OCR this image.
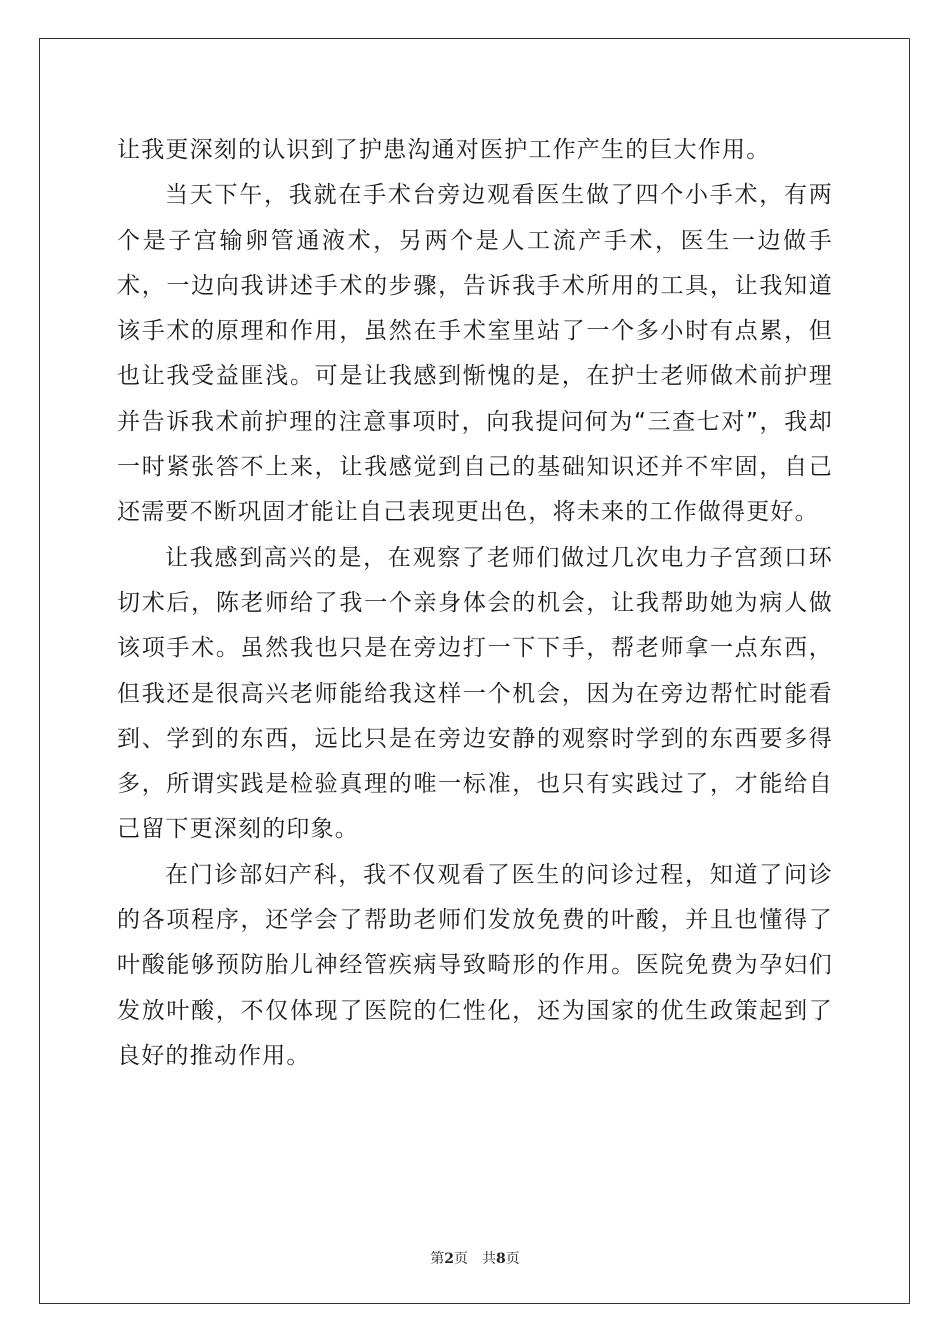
让我更深刻的认识到了护患沟通对医护工作产生的巨大作用。

当天下午，我就在手术台旁边观看医生做了四个小手术，有两个是子宫输卵管通液术，另两个是人工流产手术，医生一边做手术，一边向我讲述手术的步骤，告诉我手术所用的工具，让我知道该手术的原理和作用，虽然在手术室里站了一个多小时有点累，但也让我受益匪浅。可是让我感到惭愧的是，在护士老师做术前护理并告诉我术前护理的注意事项时，向我提问何为“三查七对”，我却一时紧张答不上来，让我感觉到自己的基础知识还并不牢固，自己还需要不断巩固才能让自己表现更出色，将未来的工作做得更好。

让我感到高兴的是，在观察了老师们做过几次电力子宫颈口环切术后，陈老师给了我一个亲身体会的机会，让我帮助她为病人做该项手术。虽然我也只是在旁边打一下下手，帮老师拿一点东西，但我还是很高兴老师能给我这样一个机会，因为在旁边帮忙时能看到、学到的东西，远比只是在旁边安静的观察时学到的东西要多得多，所谓实践是检验真理的唯一标准，也只有实践过了，才能给自己留下更深刻的印象。

在门诊部妇产科，我不仅观看了医生的问诊过程，知道了问诊的各项程序，还学会了帮助老师们发放免费的叶酸，并且也懂得了叶酸能够预防胎儿神经管疾病导致畸形的作用。医院免费为孕妇们发放叶酸，不仅体现了医院的仁性化，还为国家的优生政策起到了良好的推动作用。

第2页 共8页
